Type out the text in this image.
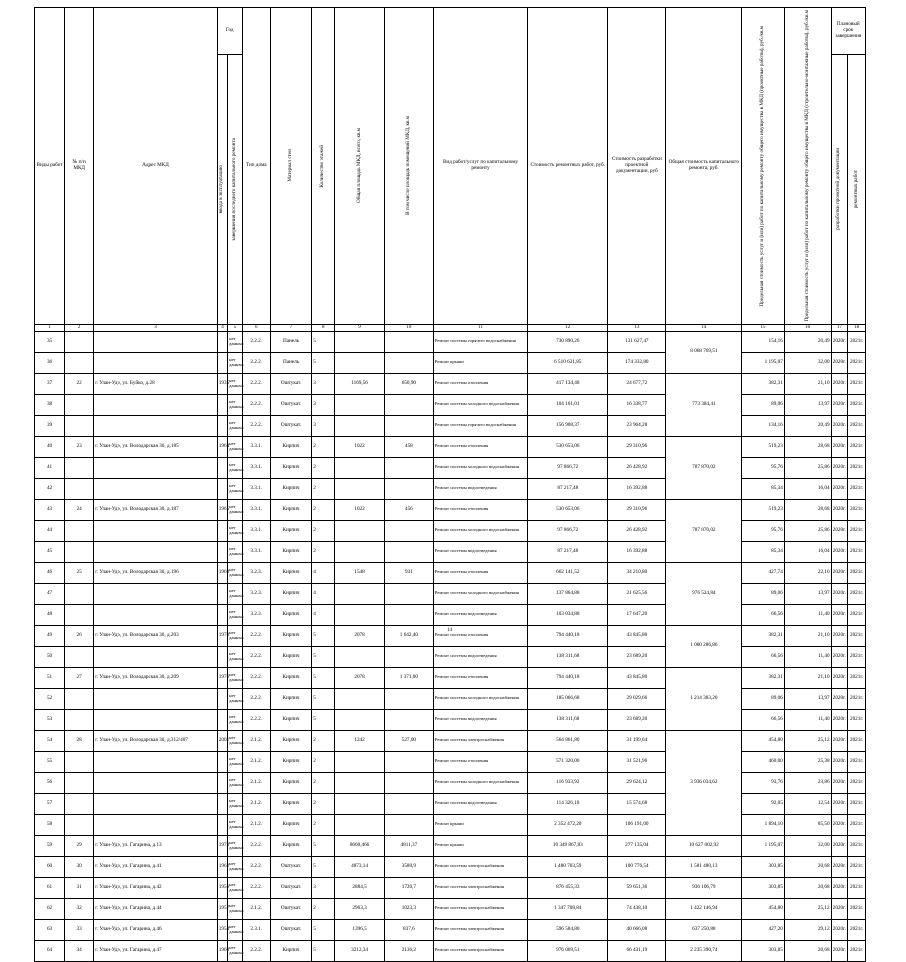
Виды работ	№ п/п МКД	Адрес МКД	Год		Тип дома	Материал стен	Количество этажей	Общая площадь МКД, всего, кв.м	В том числе площадь помещений МКД, кв.м	Вид работ/услуг по капитальному ремонту	Стоимость ремонтных работ, руб.	Стоимость разработки проектной документации, руб	Общая стоимость капитального ремонта, руб.	Предельная стоимость услуг и (или) работ по капитальному ремонту общего имущества в МКД (проектные работы), руб./кв.м	Предельная стоимость услуг и (или) работ по капитальному ремонту общего имущества в МКД (строительно-монтажные работы), руб./кв.м	Плановый срок завершения	

			ввода в эксплуатацию	завершения последнего капитального ремонта												разработки проектной документации	ремонтных работ

1	2	3	4	5	6	7	8	9	10	11	12	13	14	15	16	17	18
35				нет данных	2.2.2.	Панель	5			Ремонт системы горячего водоснабжения	730 890,26	131 627,47	8 068 769,51	154,16	20,49	2020г.	2021г.
36				нет данных	2.2.2.	Панель	5			Ремонт крыши	6 510 621,85	174 332,80		1 195,07	32,00	2020г.	2021г.
37	22	г. Улан-Удэ, ул. Буйко, д.28	1935	нет данных	2.2.2.	Оштукат.	3	1169,56	650,90	Ремонт системы отопления	417 134,48	24 677,72	773 384,41	382,31	21,10	2020г.	2021г.
38				нет данных	2.2.2.	Оштукат.	3			Ремонт системы холодного водоснабжения	104 161,01	16 338,77		89,06	13,97	2020г.	2021г.
39				нет данных	2.2.2.	Оштукат.	3			Ремонт системы горячего водоснабжения	156 908,37	23 964,28		134,16	20,49	2020г.	2021г.
40	23	г. Улан-Удэ, ул. Володарская 30, д.185	1964	нет данных	3.3.1.	Кирпич	2	1022	458	Ремонт системы отопления	530 653,06	29 310,96	787 870,02	519,23	28,68	2020г.	2021г.
41				нет данных	3.3.1.	Кирпич	2			Ремонт системы холодного водоснабжения	97 866,72	26 428,92		95,76	25,86	2020г.	2021г.
42				нет данных	3.3.1.	Кирпич	2			Ремонт системы водоотведения	87 217,48	16 392,88		85,34	16,04	2020г.	2021г.
43	24	г. Улан-Удэ, ул. Володарская 30, д.187	1965	нет данных	3.3.1.	Кирпич	2	1022	456	Ремонт системы отопления	530 653,06	29 310,96	787 870,02	519,23	28,68	2020г.	2021г.
44				нет данных	3.3.1.	Кирпич	2			Ремонт системы холодного водоснабжения	97 866,72	26 428,92		95,76	25,86	2020г.	2021г.
45				нет данных	3.3.1.	Кирпич	2			Ремонт системы водоотведения	87 217,48	16 392,88		85,34	16,04	2020г.	2021г.
46	25	г. Улан-Удэ, ул. Володарская 30, д.196	1968	нет данных	3.2.3.	Кирпич	4	1548	931	Ремонт системы отопления	662 141,52	34 210,80	976 524,84	427,74	22,10	2020г.	2021г.
47				нет данных	3.2.3.	Кирпич	4			Ремонт системы холодного водоснабжения	137 864,88	21 625,56		89,06	13,97	2020г.	2021г.
48				нет данных	3.2.3.	Кирпич	4			Ремонт системы водоотведения	103 034,88	17 647,20		66,56	11,40	2020г.	2021г.
49	26	г. Улан-Удэ, ул. Володарская 30, д.203	1970	нет данных	2.2.2.	Кирпич	5	2078	1 642,40	Ремонт системы отопления	794 440,18	43 845,80	1 000 286,86	382,31	21,10	2020г.	2021г.
50				нет данных	2.2.2.	Кирпич	5			Ремонт системы водоотведения	138 311,68	23 689,20		66,56	11,40	2020г.	2021г.
51	27	г. Улан-Удэ, ул. Володарская 30, д.209	1976	нет данных	2.2.2.	Кирпич	5	2078	1 371,00	Ремонт системы отопления	794 440,18	43 845,80	1 214 383,20	382,31	21,10	2020г.	2021г.
52				нет данных	2.2.2.	Кирпич	5			Ремонт системы холодного водоснабжения	185 066,68	29 029,66		89,06	13,97	2020г.	2021г.
53				нет данных	2.2.2.	Кирпич	5			Ремонт системы водоотведения	138 311,68	23 689,20		66,56	11,40	2020г.	2021г.
54	28	г. Улан-Удэ, ул. Володарская 30, д.312/407	2001	нет данных	2.1.2.	Кирпич	2	1242	527,00	Ремонт системы электроснабжения	564 861,80	31 199,04	3 936 034,62	454,80	25,12	2020г.	2021г.
55				нет данных	2.1.2.	Кирпич	2			Ремонт системы отопления	571 320,00	31 521,96		460,00	25,38	2020г.	2021г.
56				нет данных	2.1.2.	Кирпич	2			Ремонт системы холодного водоснабжения	116 933,92	29 624,12		93,76	23,86	2020г.	2021г.
57				нет данных	2.1.2.	Кирпич	2			Ремонт системы водоотведения	114 326,10	15 574,68		92,05	12,54	2020г.	2021г.
58				нет данных	2.1.2.	Кирпич	2			Ремонт крыши	2 352 472,20	106 191,00		1 894,10	85,50	2020г.	2021г.
59	29	г. Улан-Удэ, ул. Гагарина, д.13	1973	нет данных	2.2.2.	Кирпич	5	8660,466	4811,37	Ремонт крыши	10 349 867,83	277 135,04	10 627 002,92	1 195,07	32,00	2020г.	2021г.
60	30	г. Улан-Удэ, ул. Гагарина, д.41	1962	нет данных	2.2.2.	Оштукат.	5	4873,14	3580,9	Ремонт системы электроснабжения	1 480 703,59	100 776,54	1 581 480,13	303,85	20,68	2020г.	2021г.
61	31	г. Улан-Удэ, ул. Гагарина, д.42	1956	нет данных	2.2.2.	Оштукат.	3	2884,5	1720,7	Ремонт системы электроснабжения	876 455,33	59 651,36	936 106,79	303,85	20,68	2020г.	2021г.
62	32	г. Улан-Удэ, ул. Гагарина, д.44	1957	нет данных	2.1.2.	Оштукат.	2	2963,3	1023,3	Ремонт системы электроснабжения	1 347 708,84	74 438,10	1 422 146,94	454,80	25,12	2020г.	2021г.
63	33	г. Улан-Удэ, ул. Гагарина, д.46	1954	нет данных	2.3.1.	Оштукат.	5	1396,5	837,6	Ремонт системы электроснабжения	596 584,80	40 666,08	637 250,88	427,20	29,12	2020г.	2021г.
64	34	г. Улан-Удэ, ул. Гагарина, д.47	1960	нет данных	2.2.2.	Кирпич	5	3212,34	2136,2	Ремонт системы электроснабжения	976 069,51	66 431,19	2 235 390,74	303,85	20,68	2020г.	2021г.
14
